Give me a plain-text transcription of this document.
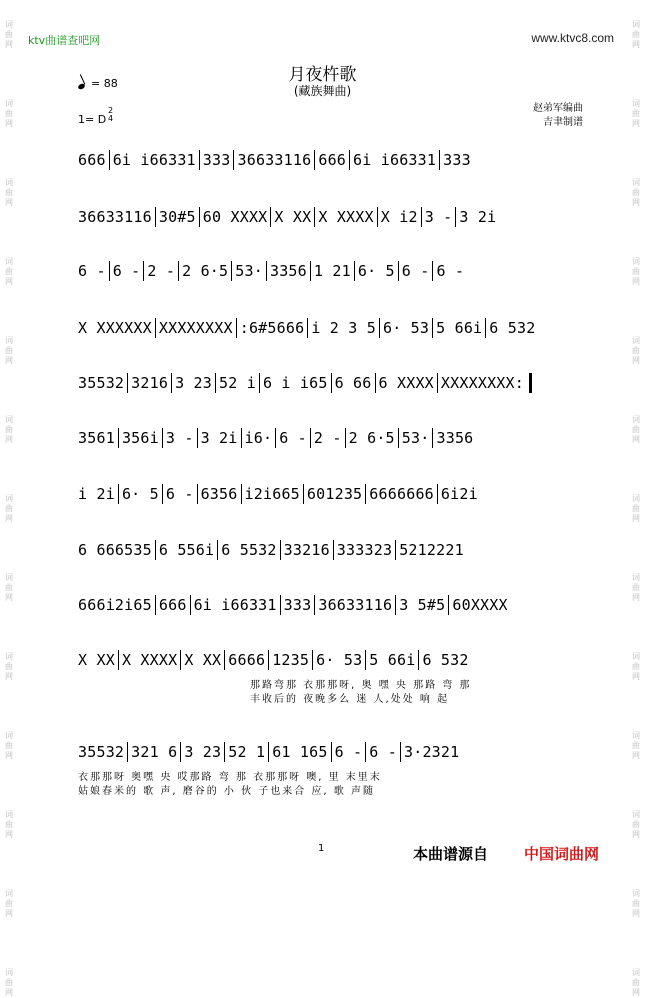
词
曲
网
词
曲
网
词
曲
网
词
曲
网
词
曲
网
词
曲
网
词
曲
网
词
曲
网
词
曲
网
词
曲
网
词
曲
网
词
曲
网
词
曲
网
词
曲
网
词
曲
网
词
曲
网
词
曲
网
词
曲
网
词
曲
网
词
曲
网
词
曲
网
词
曲
网
词
曲
网
词
曲
网
词
曲
网
词
曲
网
ktv曲谱查吧网	www.ktvc8.com
月夜杵歌
(藏族舞曲)
= 88
1= D
2
4
赵弟军编曲
吉聿制谱
666 6i i66331 333 36633116 666 6i i66331 333
36633116 30#5 60 XXXX X XX X XXXX X i2 3 - 3 2i
6 - 6 - 2 - 2 6·5 53· 3356 1 21 6· 5 6 - 6 -
X XXXXXX XXXXXXXX :6#5666 i 2 3 5 6· 53 5 66i 6 532
35532 3216 3 23 52 i 6 i i65 6 66 6 XXXX XXXXXXXX:
3561 356i 3 - 3 2i i6· 6 - 2 - 2 6·5 53· 3356
i 2i 6· 5 6 - 6356 i2i665 601235 6666666 6i2i
6 666535 6 556i 6 5532 33216 333323 5212221
666i2i65 666 6i i66331 333 36633116 3 5#5 60XXXX
X XX X XXXX X XX 6666 1235 6· 53 5 66i 6 532
35532 321 6 3 23 52 1 61 165 6 - 6 - 3·2321
那路弯那 衣那那呀, 奥 嘿 央 那路 弯 那
丰收后的 夜晚多么 迷 人,处处 响 起
衣那那呀 奥嘿 央 哎那路 弯 那 衣那那呀 噢, 里 末里末
姑娘春米的 歌 声, 磨谷的 小 伙 子也来合 应, 歌 声随
1	本曲谱源自 中国词曲网
